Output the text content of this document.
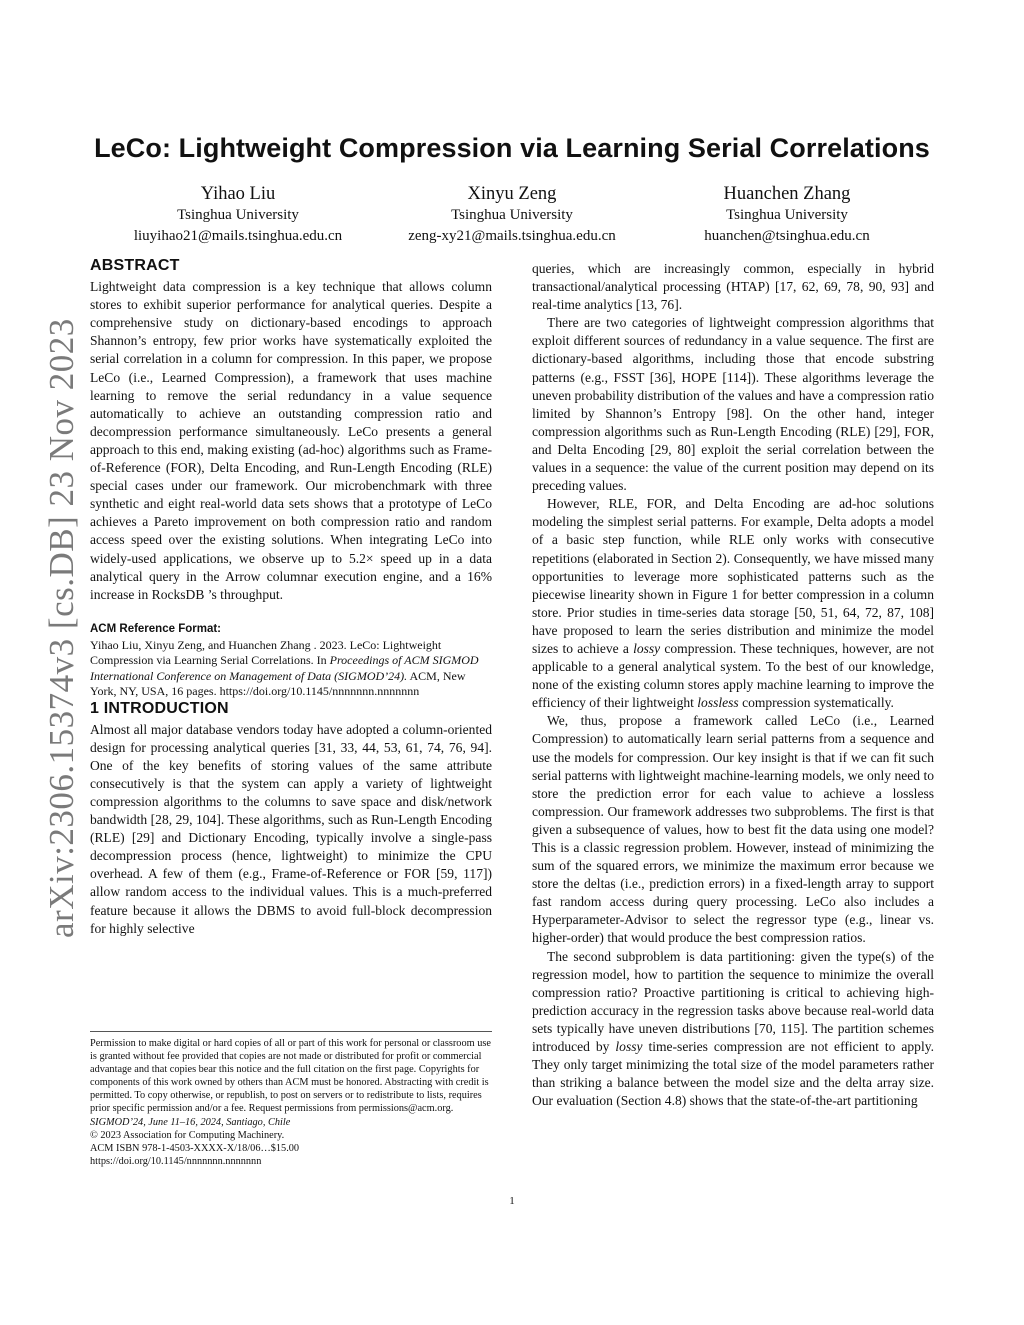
LeCo: Lightweight Compression via Learning Serial Correlations
Yihao Liu
Tsinghua University
liuyihao21@mails.tsinghua.edu.cn
Xinyu Zeng
Tsinghua University
zeng-xy21@mails.tsinghua.edu.cn
Huanchen Zhang
Tsinghua University
huanchen@tsinghua.edu.cn
arXiv:2306.15374v3 [cs.DB] 23 Nov 2023
ABSTRACT

Lightweight data compression is a key technique that allows column stores to exhibit superior performance for analytical queries. Despite a comprehensive study on dictionary-based encodings to approach Shannon’s entropy, few prior works have systematically exploited the serial correlation in a column for compression. In this paper, we propose LeCo (i.e., Learned Compression), a framework that uses machine learning to remove the serial redundancy in a value sequence automatically to achieve an outstanding compression ratio and decompression performance simultaneously. LeCo presents a general approach to this end, making existing (ad-hoc) algorithms such as Frame-of-Reference (FOR), Delta Encoding, and Run-Length Encoding (RLE) special cases under our framework. Our microbenchmark with three synthetic and eight real-world data sets shows that a prototype of LeCo achieves a Pareto improvement on both compression ratio and random access speed over the existing solutions. When integrating LeCo into widely-used applications, we observe up to 5.2× speed up in a data analytical query in the Arrow columnar execution engine, and a 16% increase in RocksDB ’s throughput.

ACM Reference Format:

Yihao Liu, Xinyu Zeng, and Huanchen Zhang . 2023. LeCo: Lightweight Compression via Learning Serial Correlations. In Proceedings of ACM SIGMOD International Conference on Management of Data (SIGMOD’24). ACM, New York, NY, USA, 16 pages. https://doi.org/10.1145/nnnnnnn.nnnnnnn

1 INTRODUCTION

Almost all major database vendors today have adopted a column-oriented design for processing analytical queries [31, 33, 44, 53, 61, 74, 76, 94]. One of the key benefits of storing values of the same attribute consecutively is that the system can apply a variety of lightweight compression algorithms to the columns to save space and disk/network bandwidth [28, 29, 104]. These algorithms, such as Run-Length Encoding (RLE) [29] and Dictionary Encoding, typically involve a single-pass decompression process (hence, lightweight) to minimize the CPU overhead. A few of them (e.g., Frame-of-Reference or FOR [59, 117]) allow random access to the individual values. This is a much-preferred feature because it allows the DBMS to avoid full-block decompression for highly selective

queries, which are increasingly common, especially in hybrid transactional/analytical processing (HTAP) [17, 62, 69, 78, 90, 93] and real-time analytics [13, 76].

There are two categories of lightweight compression algorithms that exploit different sources of redundancy in a value sequence. The first are dictionary-based algorithms, including those that encode substring patterns (e.g., FSST [36], HOPE [114]). These algorithms leverage the uneven probability distribution of the values and have a compression ratio limited by Shannon’s Entropy [98]. On the other hand, integer compression algorithms such as Run-Length Encoding (RLE) [29], FOR, and Delta Encoding [29, 80] exploit the serial correlation between the values in a sequence: the value of the current position may depend on its preceding values.

However, RLE, FOR, and Delta Encoding are ad-hoc solutions modeling the simplest serial patterns. For example, Delta adopts a model of a basic step function, while RLE only works with consecutive repetitions (elaborated in Section 2). Consequently, we have missed many opportunities to leverage more sophisticated patterns such as the piecewise linearity shown in Figure 1 for better compression in a column store. Prior studies in time-series data storage [50, 51, 64, 72, 87, 108] have proposed to learn the series distribution and minimize the model sizes to achieve a lossy compression. These techniques, however, are not applicable to a general analytical system. To the best of our knowledge, none of the existing column stores apply machine learning to improve the efficiency of their lightweight lossless compression systematically.

We, thus, propose a framework called LeCo (i.e., Learned Compression) to automatically learn serial patterns from a sequence and use the models for compression. Our key insight is that if we can fit such serial patterns with lightweight machine-learning models, we only need to store the prediction error for each value to achieve a lossless compression. Our framework addresses two subproblems. The first is that given a subsequence of values, how to best fit the data using one model? This is a classic regression problem. However, instead of minimizing the sum of the squared errors, we minimize the maximum error because we store the deltas (i.e., prediction errors) in a fixed-length array to support fast random access during query processing. LeCo also includes a Hyperparameter-Advisor to select the regressor type (e.g., linear vs. higher-order) that would produce the best compression ratios.

The second subproblem is data partitioning: given the type(s) of the regression model, how to partition the sequence to minimize the overall compression ratio? Proactive partitioning is critical to achieving high-prediction accuracy in the regression tasks above because real-world data sets typically have uneven distributions [70, 115]. The partition schemes introduced by lossy time-series compression are not efficient to apply. They only target minimizing the total size of the model parameters rather than striking a balance between the model size and the delta array size. Our evaluation (Section 4.8) shows that the state-of-the-art partitioning

Permission to make digital or hard copies of all or part of this work for personal or classroom use is granted without fee provided that copies are not made or distributed for profit or commercial advantage and that copies bear this notice and the full citation on the first page. Copyrights for components of this work owned by others than ACM must be honored. Abstracting with credit is permitted. To copy otherwise, or republish, to post on servers or to redistribute to lists, requires prior specific permission and/or a fee. Request permissions from permissions@acm.org.

SIGMOD’24, June 11–16, 2024, Santiago, Chile

© 2023 Association for Computing Machinery.

ACM ISBN 978-1-4503-XXXX-X/18/06…$15.00

https://doi.org/10.1145/nnnnnnn.nnnnnnn

1
